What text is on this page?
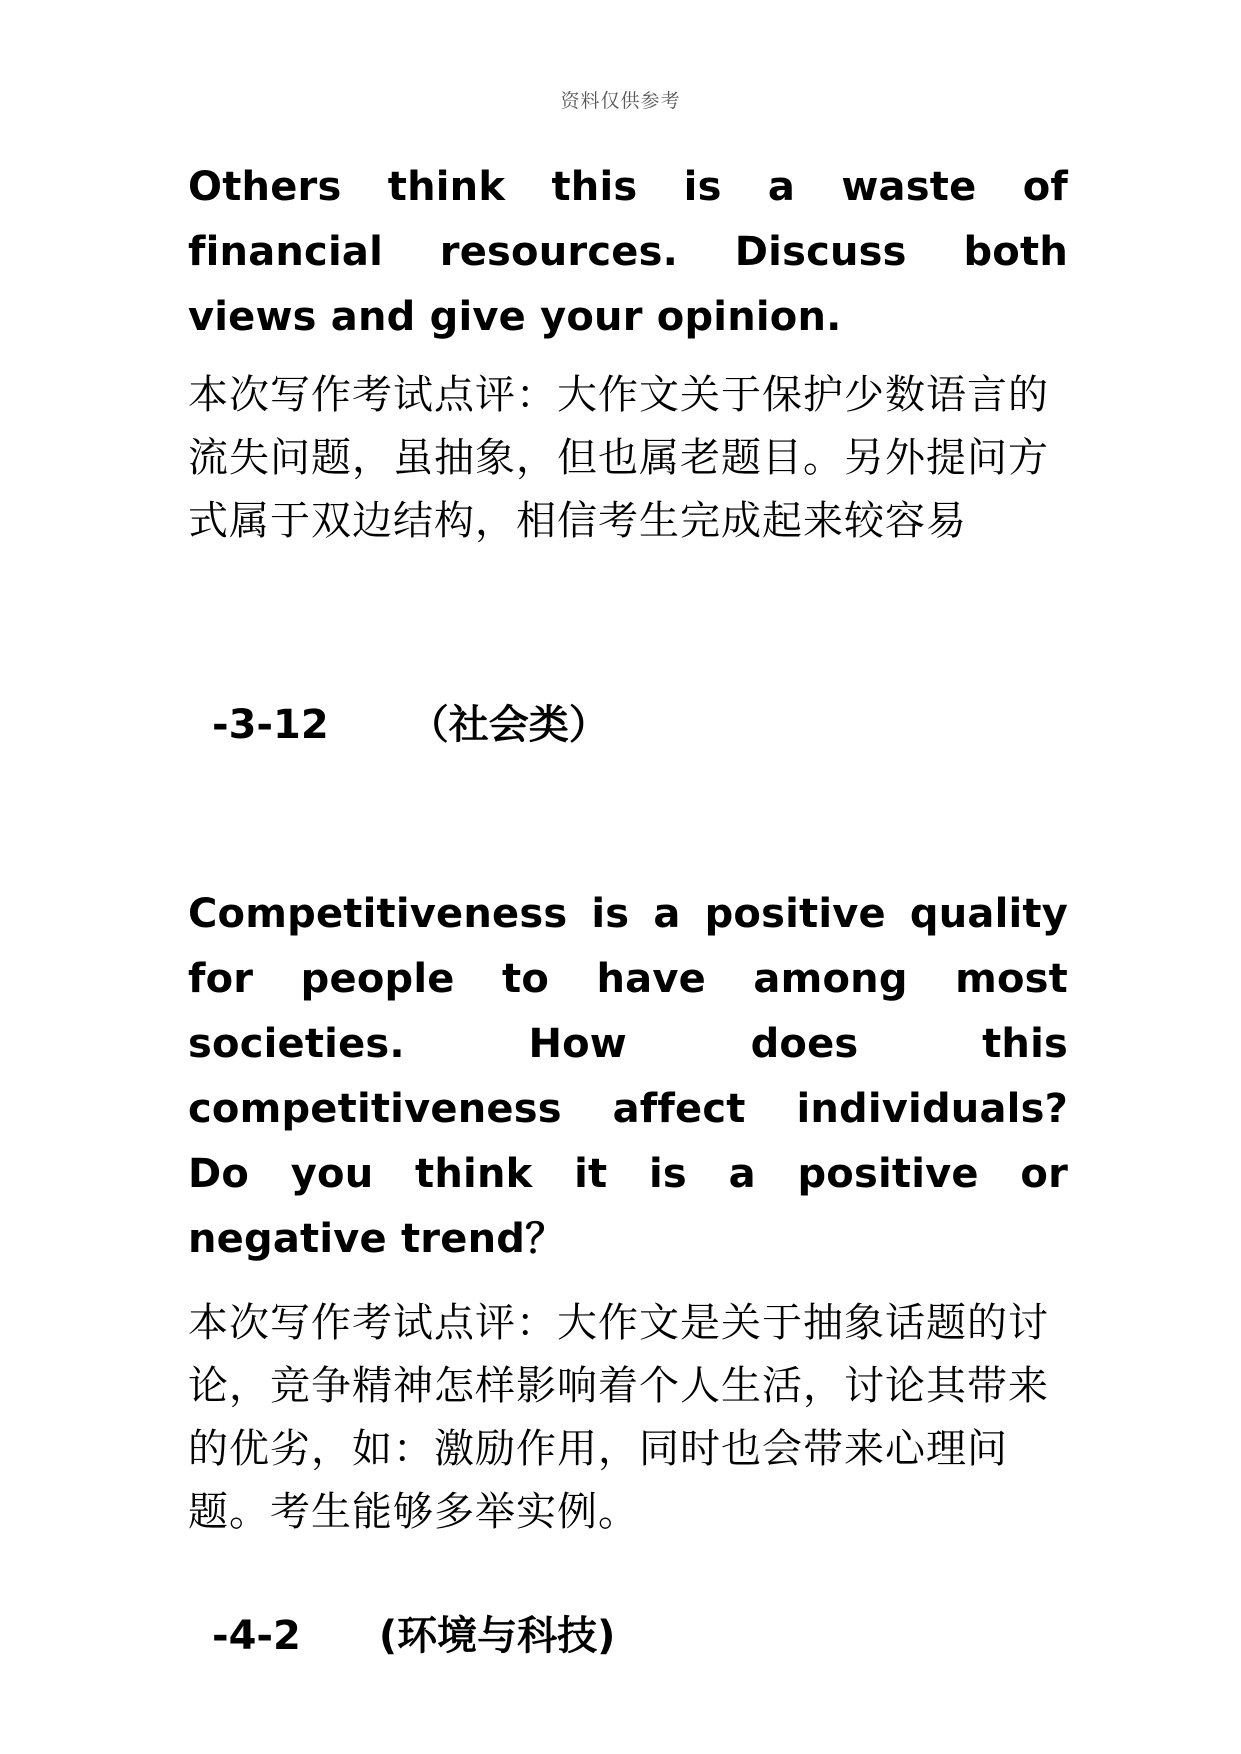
资料仅供参考

Others think this is a waste of financial resources. Discuss both views and give your opinion.

本次写作考试点评：大作文关于保护少数语言的流失问题，虽抽象，但也属老题目。另外提问方式属于双边结构，相信考生完成起来较容易

-3-12 （社会类）

Competitiveness is a positive quality for people to have among most societies. How does this competitiveness affect individuals? Do you think it is a positive or negative trend？

本次写作考试点评：大作文是关于抽象话题的讨论，竞争精神怎样影响着个人生活，讨论其带来的优劣，如：激励作用，同时也会带来心理问题。考生能够多举实例。

-4-2 (环境与科技)
